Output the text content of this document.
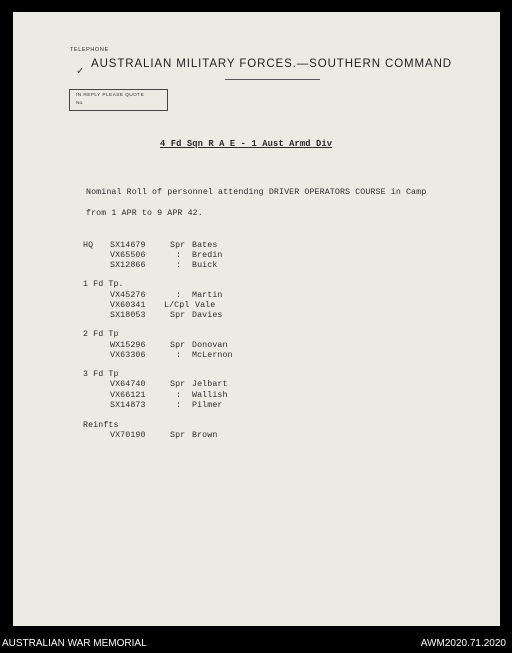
TELEPHONE
✓
AUSTRALIAN MILITARY FORCES.—SOUTHERN COMMAND
IN REPLY PLEASE QUOTE
No.
4 Fd Sqn R A E - 1 Aust Armd Div
Nominal Roll of personnel attending DRIVER OPERATORS COURSE in Camp
from 1 APR to 9 APR 42.
HQ SX14679	Spr Bates
VX65506	: Bredin
SX12866	: Buick
1 Fd Tp.
VX45276	: Martin
VX60341 L/Cpl Vale
SX18053	Spr Davies
2 Fd Tp
WX15296	Spr Donovan
VX63306	: McLernon
3 Fd Tp
VX64740	Spr Jelbart
VX66121	: Wallish
SX14873	: Pilmer
Reinfts
VX70190	Spr Brown
AUSTRALIAN WAR MEMORIAL	AWM2020.71.2020
